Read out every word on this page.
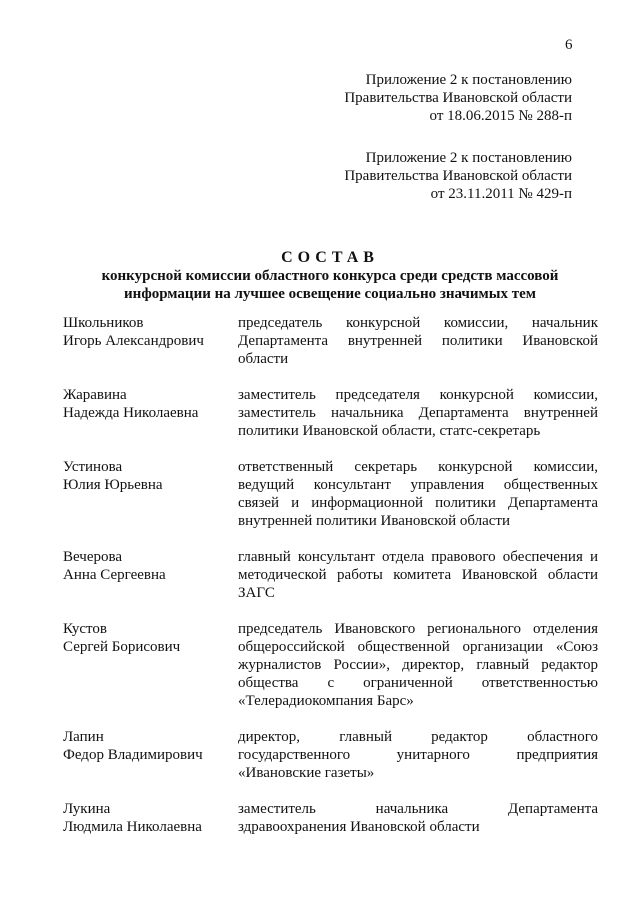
6
Приложение 2 к постановлению
Правительства Ивановской области
от 18.06.2015 № 288-п
Приложение 2 к постановлению
Правительства Ивановской области
от 23.11.2011 № 429-п
СОСТАВ
конкурсной комиссии областного конкурса среди средств массовой
информации на лучшее освещение социально значимых тем
Школьников
Игорь Александрович
председатель конкурсной комиссии, начальник
Департамента внутренней политики Ивановской
области
Жаравина
Надежда Николаевна
заместитель председателя конкурсной комиссии,
заместитель начальника Департамента внутренней
политики Ивановской области, статс-секретарь
Устинова
Юлия Юрьевна
ответственный секретарь конкурсной комиссии,
ведущий консультант управления общественных
связей и информационной политики Департамента
внутренней политики Ивановской области
Вечерова
Анна Сергеевна
главный консультант отдела правового обеспечения и
методической работы комитета Ивановской области
ЗАГС
Кустов
Сергей Борисович
председатель Ивановского регионального отделения
общероссийской общественной организации «Союз
журналистов России», директор, главный редактор
общества с ограниченной ответственностью
«Телерадиокомпания Барс»
Лапин
Федор Владимирович
директор, главный редактор областного
государственного унитарного предприятия
«Ивановские газеты»
Лукина
Людмила Николаевна
заместитель начальника Департамента
здравоохранения Ивановской области
